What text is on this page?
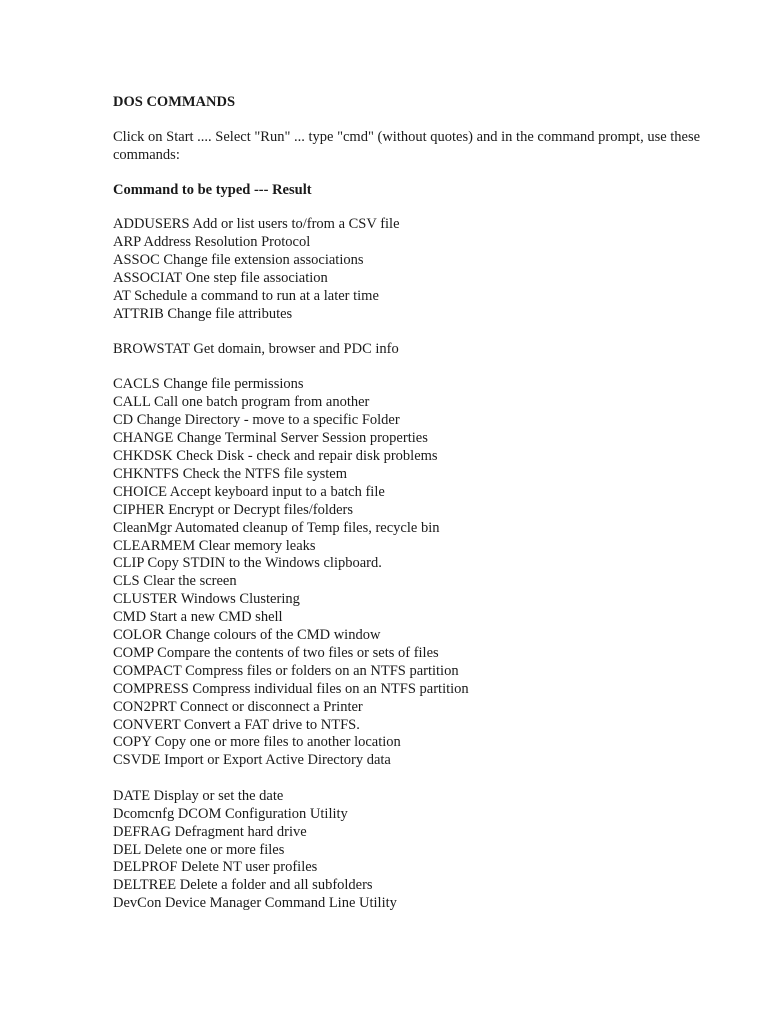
DOS COMMANDS
Click on Start .... Select "Run" ... type "cmd" (without quotes) and in the command prompt, use these commands:
Command to be typed --- Result
ADDUSERS Add or list users to/from a CSV file
ARP Address Resolution Protocol
ASSOC Change file extension associations
ASSOCIAT One step file association
AT Schedule a command to run at a later time
ATTRIB Change file attributes
BROWSTAT Get domain, browser and PDC info
CACLS Change file permissions
CALL Call one batch program from another
CD Change Directory - move to a specific Folder
CHANGE Change Terminal Server Session properties
CHKDSK Check Disk - check and repair disk problems
CHKNTFS Check the NTFS file system
CHOICE Accept keyboard input to a batch file
CIPHER Encrypt or Decrypt files/folders
CleanMgr Automated cleanup of Temp files, recycle bin
CLEARMEM Clear memory leaks
CLIP Copy STDIN to the Windows clipboard.
CLS Clear the screen
CLUSTER Windows Clustering
CMD Start a new CMD shell
COLOR Change colours of the CMD window
COMP Compare the contents of two files or sets of files
COMPACT Compress files or folders on an NTFS partition
COMPRESS Compress individual files on an NTFS partition
CON2PRT Connect or disconnect a Printer
CONVERT Convert a FAT drive to NTFS.
COPY Copy one or more files to another location
CSVDE Import or Export Active Directory data
DATE Display or set the date
Dcomcnfg DCOM Configuration Utility
DEFRAG Defragment hard drive
DEL Delete one or more files
DELPROF Delete NT user profiles
DELTREE Delete a folder and all subfolders
DevCon Device Manager Command Line Utility
